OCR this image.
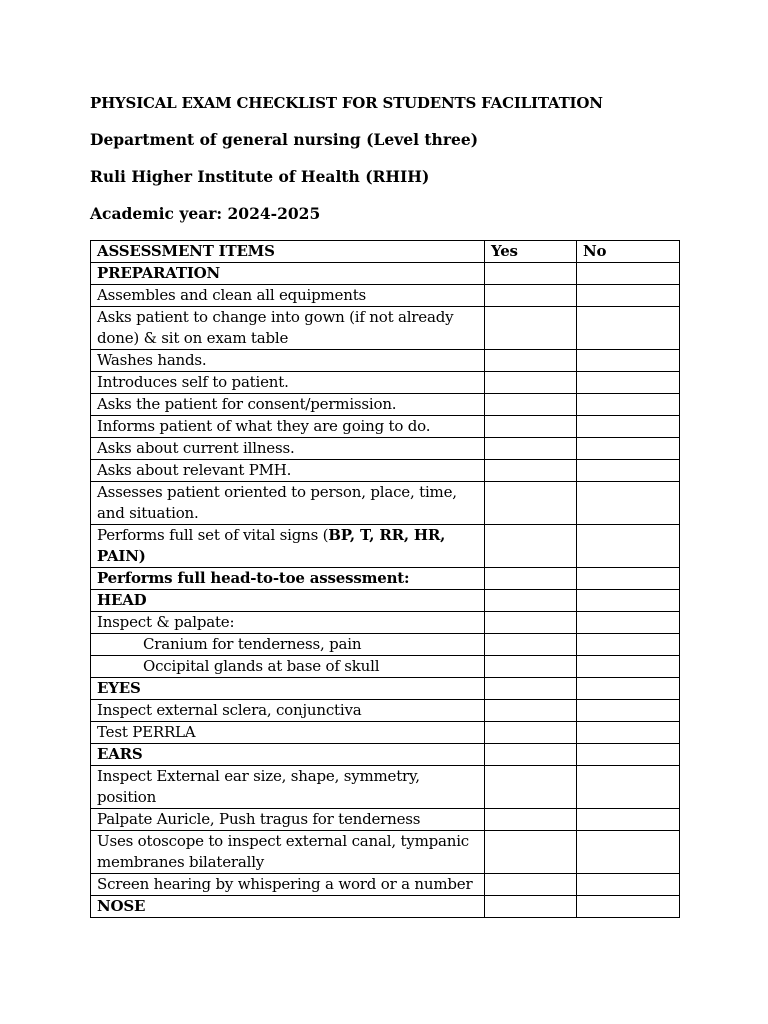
PHYSICAL EXAM CHECKLIST FOR STUDENTS FACILITATION

Department of general nursing (Level three)

Ruli Higher Institute of Health (RHIH)

Academic year: 2024-2025

ASSESSMENT ITEMS	Yes	No
PREPARATION		
Assembles and clean all equipments		
Asks patient to change into gown (if not already done) & sit on exam table		
Washes hands.		
Introduces self to patient.		
Asks the patient for consent/permission.		
Informs patient of what they are going to do.		
Asks about current illness.		
Asks about relevant PMH.		
Assesses patient oriented to person, place, time, and situation.		
Performs full set of vital signs (BP, T, RR, HR, PAIN)		
Performs full head-to-toe assessment:		
HEAD		
Inspect & palpate:		
Cranium for tenderness, pain		
Occipital glands at base of skull		
EYES		
Inspect external sclera, conjunctiva		
Test PERRLA		
EARS		
Inspect External ear size, shape, symmetry, position		
Palpate Auricle, Push tragus for tenderness		
Uses otoscope to inspect external canal, tympanic membranes bilaterally		
Screen hearing by whispering a word or a number		
NOSE		
